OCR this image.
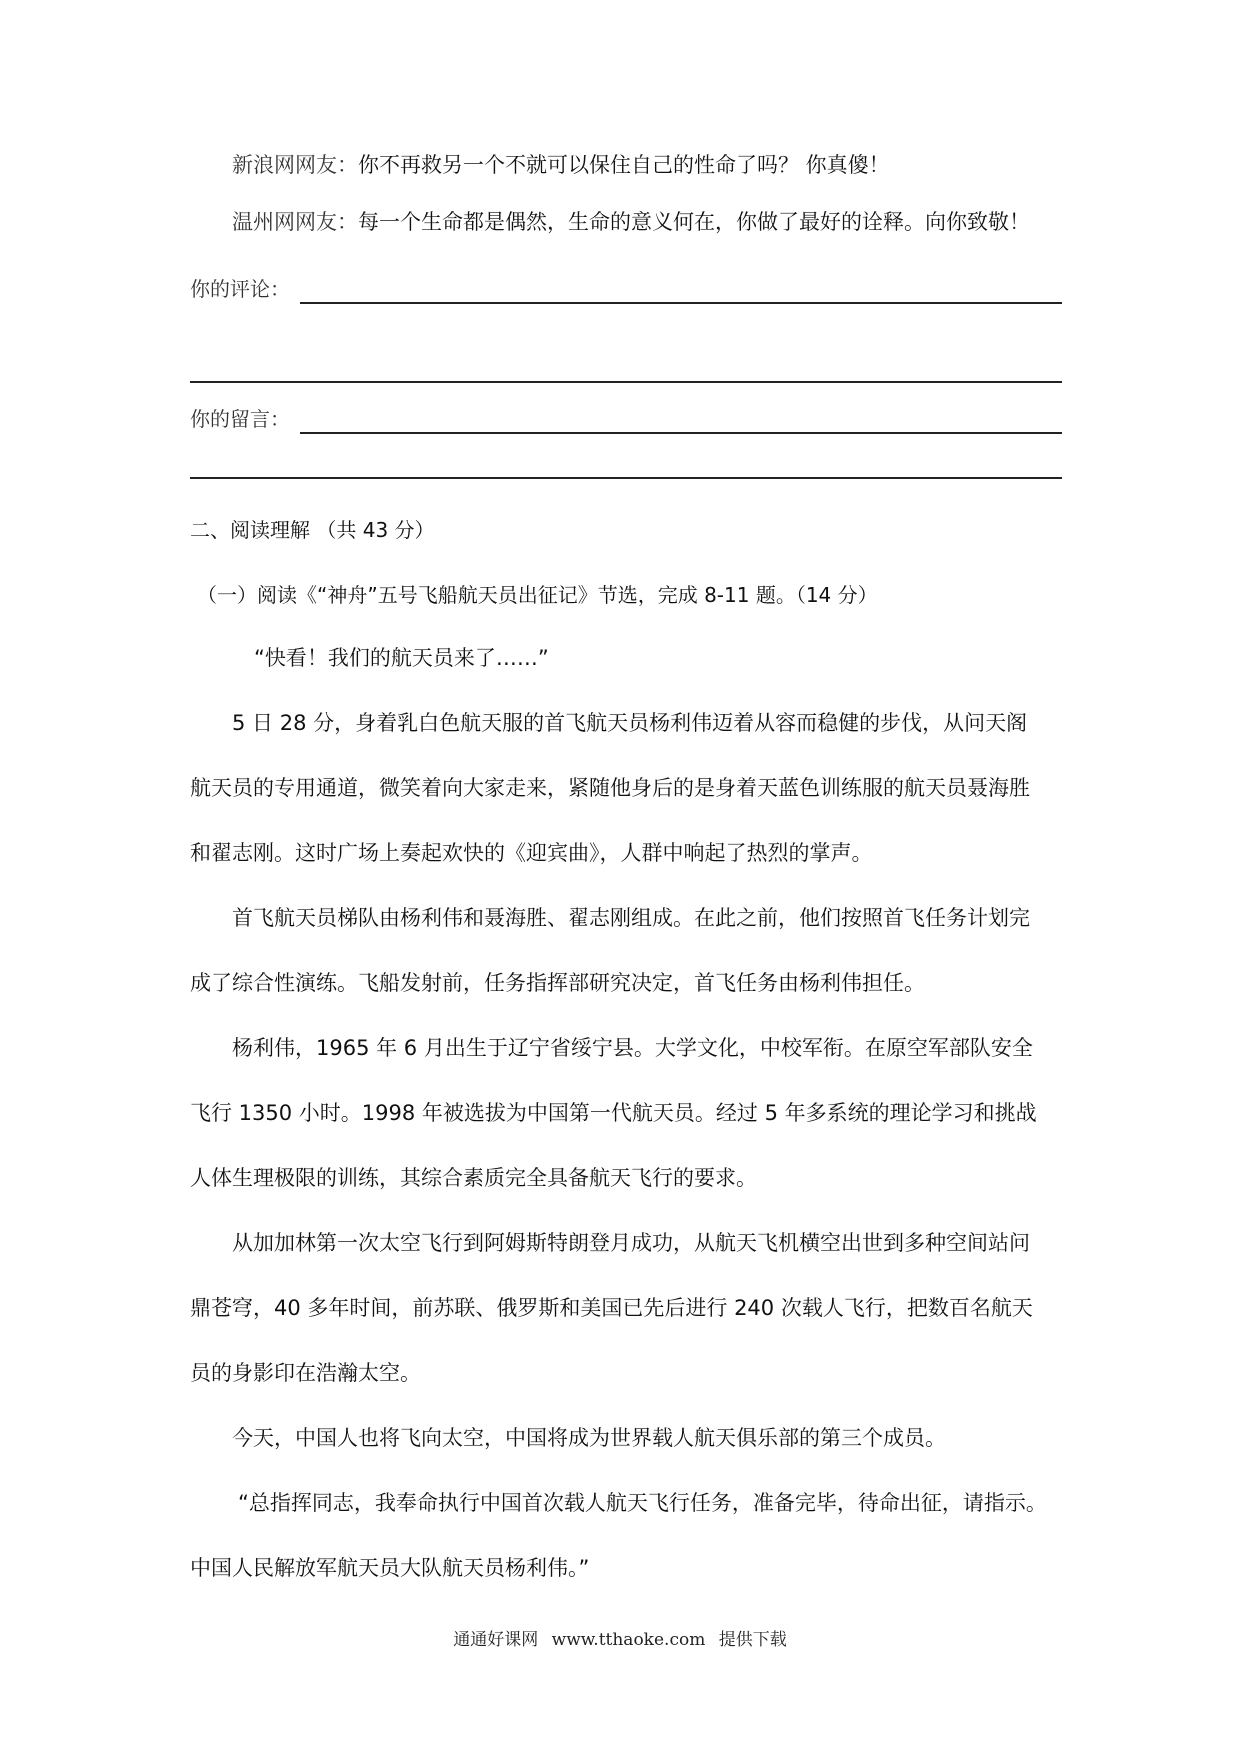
新浪网网友：你不再救另一个不就可以保住自己的性命了吗？ 你真傻！
温州网网友：每一个生命都是偶然，生命的意义何在，你做了最好的诠释。向你致敬！
你的评论：
你的留言：
二、阅读理解 （共 43 分）
（一）阅读《“神舟”五号飞船航天员出征记》节选，完成 8-11 题。（14 分）
“快看！我们的航天员来了……”
5 日 28 分，身着乳白色航天服的首飞航天员杨利伟迈着从容而稳健的步伐，从问天阁
航天员的专用通道，微笑着向大家走来，紧随他身后的是身着天蓝色训练服的航天员聂海胜
和翟志刚。这时广场上奏起欢快的《迎宾曲》，人群中响起了热烈的掌声。
首飞航天员梯队由杨利伟和聂海胜、翟志刚组成。在此之前，他们按照首飞任务计划完
成了综合性演练。飞船发射前，任务指挥部研究决定，首飞任务由杨利伟担任。
杨利伟，1965 年 6 月出生于辽宁省绥宁县。大学文化，中校军衔。在原空军部队安全
飞行 1350 小时。1998 年被选拔为中国第一代航天员。经过 5 年多系统的理论学习和挑战
人体生理极限的训练，其综合素质完全具备航天飞行的要求。
从加加林第一次太空飞行到阿姆斯特朗登月成功，从航天飞机横空出世到多种空间站问
鼎苍穹，40 多年时间，前苏联、俄罗斯和美国已先后进行 240 次载人飞行，把数百名航天
员的身影印在浩瀚太空。
今天，中国人也将飞向太空，中国将成为世界载人航天俱乐部的第三个成员。
“总指挥同志，我奉命执行中国首次载人航天飞行任务，准备完毕，待命出征，请指示。
中国人民解放军航天员大队航天员杨利伟。”
通通好课网 www.tthaoke.com 提供下载
